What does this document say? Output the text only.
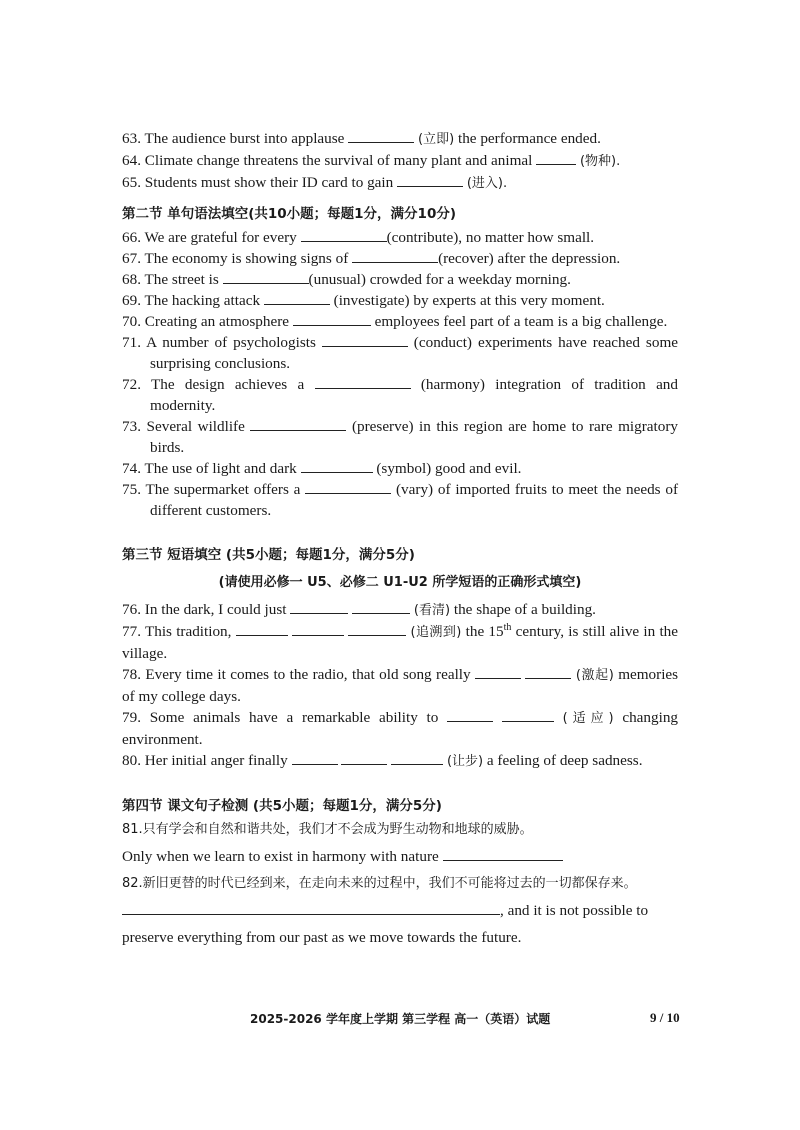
63. The audience burst into applause	(立即) the performance ended.

64. Climate change threatens the survival of many plant and animal	(物种).

65. Students must show their ID card to gain	(进入).

第二节 单句语法填空(共10小题；每题1分，满分10分)

66. We are grateful for every	(contribute), no matter how small.

67. The economy is showing signs of	(recover) after the depression.

68. The street is	(unusual) crowded for a weekday morning.

69. The hacking attack	(investigate) by experts at this very moment.

70. Creating an atmosphere	employees feel part of a team is a big challenge.

71. A number of psychologists	(conduct) experiments have reached some surprising conclusions.

72. The design achieves a	(harmony) integration of tradition and modernity.

73. Several wildlife	(preserve) in this region are home to rare migratory birds.

74. The use of light and dark	(symbol) good and evil.

75. The supermarket offers a	(vary) of imported fruits to meet the needs of different customers.

第三节 短语填空 (共5小题；每题1分，满分5分)
(请使用必修一 U5、必修二 U1-U2 所学短语的正确形式填空)

76. In the dark, I could just	(看清) the shape of a building.

77. This tradition,	(追溯到) the 15th century, is still alive in the village.

78. Every time it comes to the radio, that old song really	(激起) memories of my college days.

79. Some animals have a remarkable ability to	(适应) changing environment.

80. Her initial anger finally	(让步) a feeling of deep sadness.

第四节 课文句子检测 (共5小题；每题1分，满分5分)

81.只有学会和自然和谐共处，我们才不会成为野生动物和地球的威胁。

Only when we learn to exist in harmony with nature

82.新旧更替的时代已经到来，在走向未来的过程中，我们不可能将过去的一切都保存来。

, and it is not possible to

preserve everything from our past as we move towards the future.

2025-2026 学年度上学期 第三学程 高一（英语）试题	9 / 10
